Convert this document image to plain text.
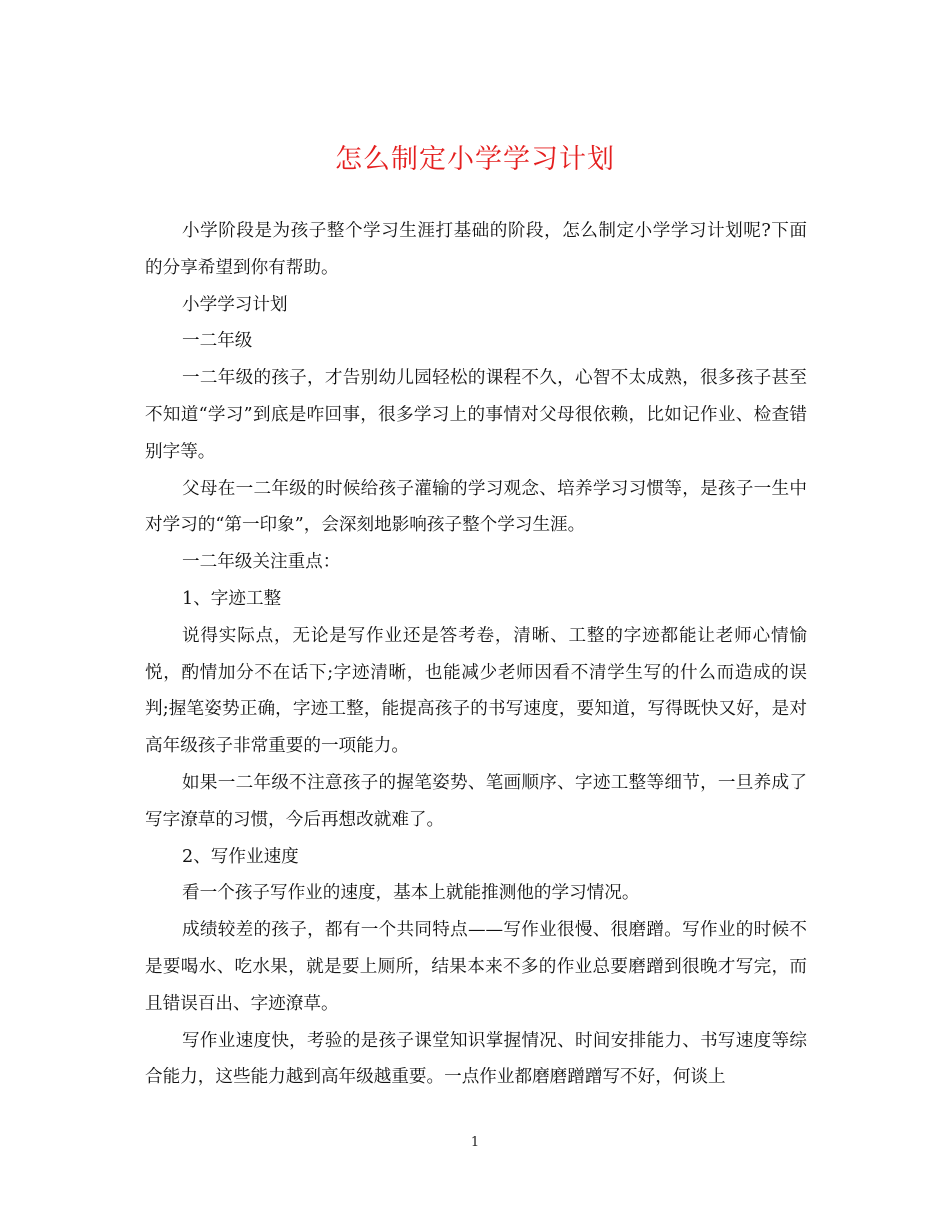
怎么制定小学学习计划

小学阶段是为孩子整个学习生涯打基础的阶段，怎么制定小学学习计划呢?下面的分享希望到你有帮助。

小学学习计划

一二年级

一二年级的孩子，才告别幼儿园轻松的课程不久，心智不太成熟，很多孩子甚至不知道“学习”到底是咋回事，很多学习上的事情对父母很依赖，比如记作业、检查错别字等。

父母在一二年级的时候给孩子灌输的学习观念、培养学习习惯等，是孩子一生中对学习的“第一印象”，会深刻地影响孩子整个学习生涯。

一二年级关注重点：

1、字迹工整

说得实际点，无论是写作业还是答考卷，清晰、工整的字迹都能让老师心情愉悦，酌情加分不在话下;字迹清晰，也能减少老师因看不清学生写的什么而造成的误判;握笔姿势正确，字迹工整，能提高孩子的书写速度，要知道，写得既快又好，是对高年级孩子非常重要的一项能力。

如果一二年级不注意孩子的握笔姿势、笔画顺序、字迹工整等细节，一旦养成了写字潦草的习惯，今后再想改就难了。

2、写作业速度

看一个孩子写作业的速度，基本上就能推测他的学习情况。

成绩较差的孩子，都有一个共同特点——写作业很慢、很磨蹭。写作业的时候不是要喝水、吃水果，就是要上厕所，结果本来不多的作业总要磨蹭到很晚才写完，而且错误百出、字迹潦草。

写作业速度快，考验的是孩子课堂知识掌握情况、时间安排能力、书写速度等综合能力，这些能力越到高年级越重要。一点作业都磨磨蹭蹭写不好，何谈上

1
